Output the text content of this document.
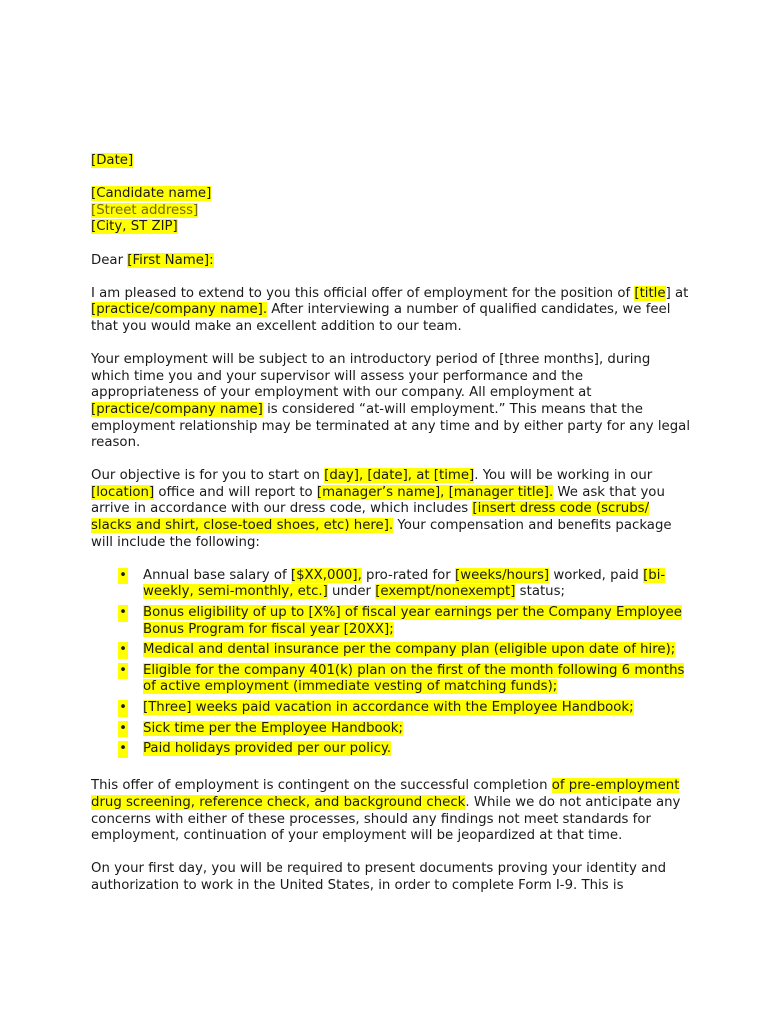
[Date]

[Candidate name]

[Street address]

[City, ST ZIP]

Dear [First Name]:

I am pleased to extend to you this official offer of employment for the position of [title] at [practice/company name]. After interviewing a number of qualified candidates, we feel that you would make an excellent addition to our team.

Your employment will be subject to an introductory period of [three months], during which time you and your supervisor will assess your performance and the appropriateness of your employment with our company. All employment at [practice/company name] is considered “at-will employment.” This means that the employment relationship may be terminated at any time and by either party for any legal reason.

Our objective is for you to start on [day], [date], at [time]. You will be working in our [location] office and will report to [manager’s name], [manager title]. We ask that you arrive in accordance with our dress code, which includes [insert dress code (scrubs/ slacks and shirt, close-toed shoes, etc) here]. Your compensation and benefits package will include the following:

• Annual base salary of [$XX,000], pro-rated for [weeks/hours] worked, paid [bi-weekly, semi-monthly, etc.] under [exempt/nonexempt] status;
• Bonus eligibility of up to [X%] of fiscal year earnings per the Company Employee Bonus Program for fiscal year [20XX];
• Medical and dental insurance per the company plan (eligible upon date of hire);
• Eligible for the company 401(k) plan on the first of the month following 6 months of active employment (immediate vesting of matching funds);
• [Three] weeks paid vacation in accordance with the Employee Handbook;
• Sick time per the Employee Handbook;
• Paid holidays provided per our policy.

This offer of employment is contingent on the successful completion of pre-employment drug screening, reference check, and background check. While we do not anticipate any concerns with either of these processes, should any findings not meet standards for employment, continuation of your employment will be jeopardized at that time.

On your first day, you will be required to present documents proving your identity and authorization to work in the United States, in order to complete Form I-9. This is
